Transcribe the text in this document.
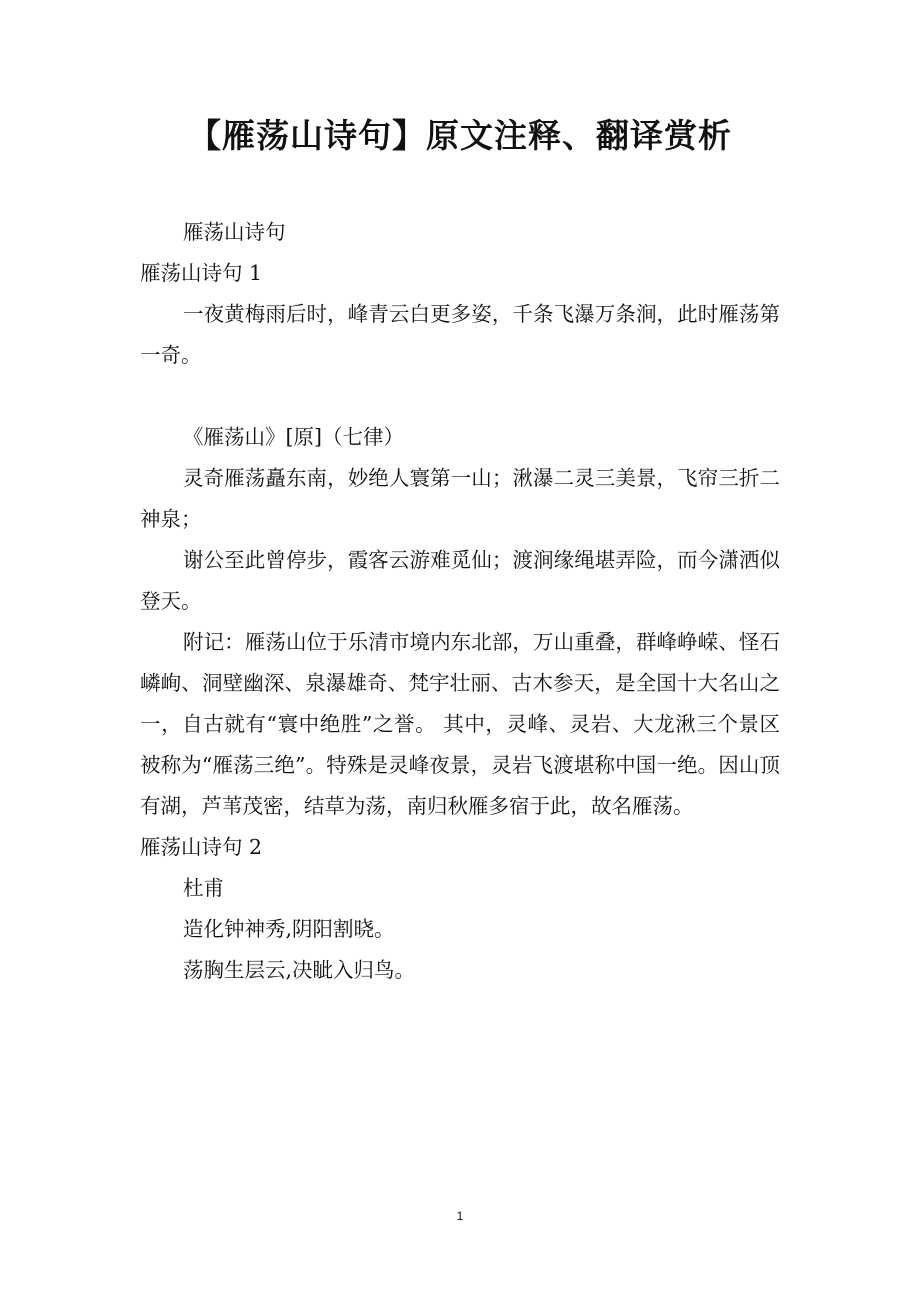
【雁荡山诗句】原文注释、翻译赏析

雁荡山诗句

雁荡山诗句 1

一夜黄梅雨后时，峰青云白更多姿，千条飞瀑万条涧，此时雁荡第一奇。

《雁荡山》[原]（七律）

灵奇雁荡矗东南，妙绝人寰第一山；湫瀑二灵三美景，飞帘三折二神泉；

谢公至此曾停步，霞客云游难觅仙；渡涧缘绳堪弄险，而今潇洒似登天。

附记：雁荡山位于乐清市境内东北部，万山重叠，群峰峥嵘、怪石嶙峋、洞壁幽深、泉瀑雄奇、梵宇壮丽、古木参天，是全国十大名山之一，自古就有“寰中绝胜”之誉。 其中，灵峰、灵岩、大龙湫三个景区被称为“雁荡三绝”。特殊是灵峰夜景，灵岩飞渡堪称中国一绝。因山顶有湖，芦苇茂密，结草为荡，南归秋雁多宿于此，故名雁荡。

雁荡山诗句 2

杜甫

造化钟神秀,阴阳割晓。

荡胸生层云,决眦入归鸟。

1
